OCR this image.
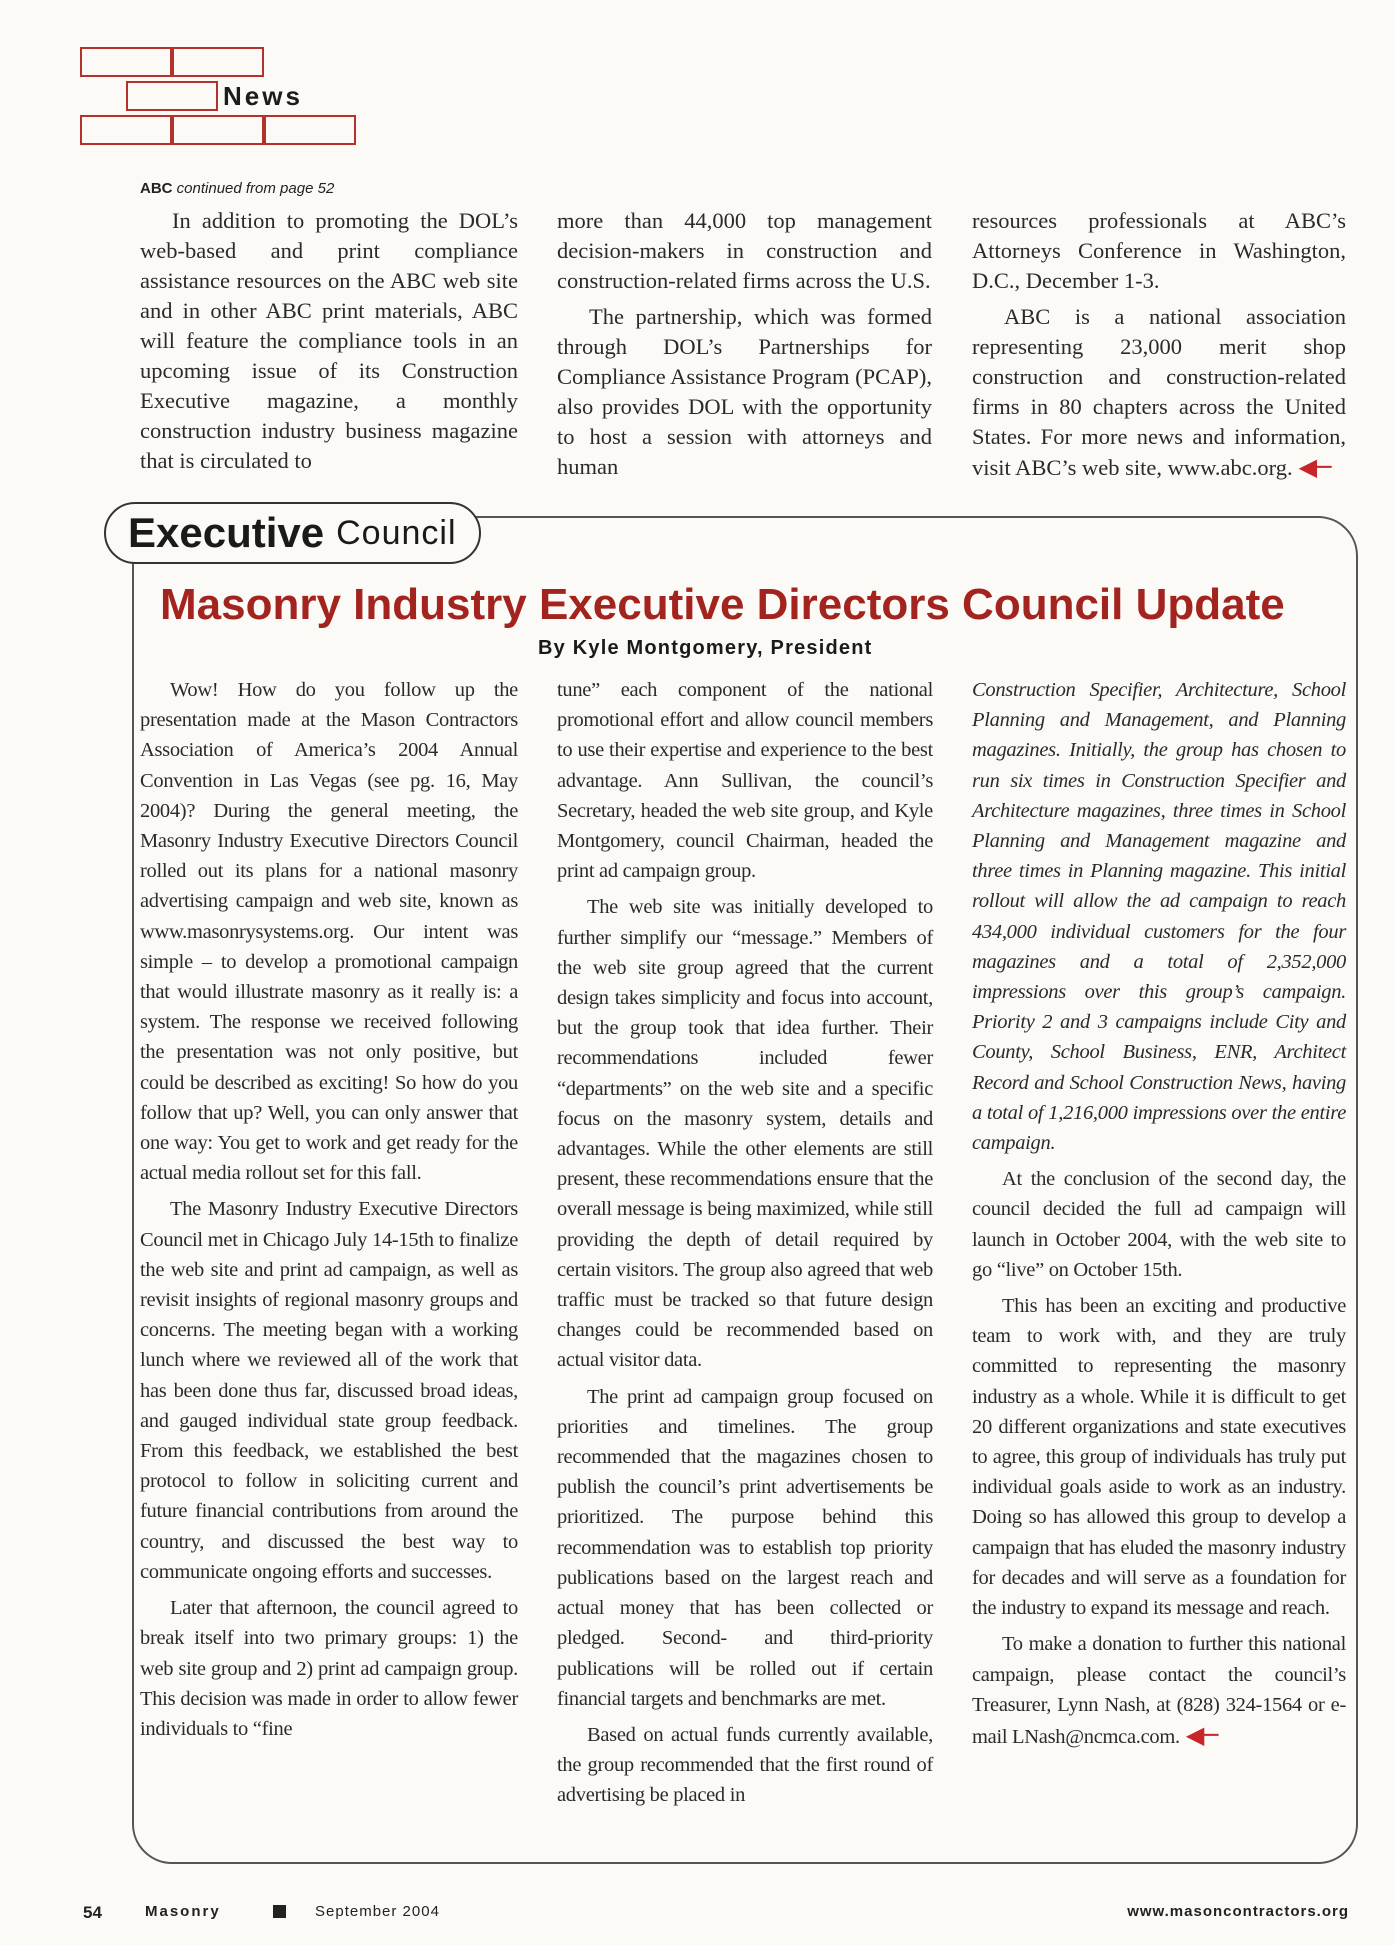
News
ABC continued from page 52

In addition to promoting the DOL’s web-based and print compliance assistance resources on the ABC web site and in other ABC print materials, ABC will feature the compliance tools in an upcoming issue of its Construction Executive magazine, a monthly construction industry business magazine that is circulated to

more than 44,000 top management decision-makers in construction and construction-related firms across the U.S.

The partnership, which was formed through DOL’s Partnerships for Compliance Assistance Program (PCAP), also provides DOL with the opportunity to host a session with attorneys and human

resources professionals at ABC’s Attorneys Conference in Washington, D.C., December 1-3.

ABC is a national association representing 23,000 merit shop construction and construction-related firms in 80 chapters across the United States. For more news and information, visit ABC’s web site, www.abc.org. ◀─

Executive Council
Masonry Industry Executive Directors Council Update
By Kyle Montgomery, President

Wow! How do you follow up the presentation made at the Mason Contractors Association of America’s 2004 Annual Convention in Las Vegas (see pg. 16, May 2004)? During the general meeting, the Masonry Industry Executive Directors Council rolled out its plans for a national masonry advertising campaign and web site, known as www.masonrysystems.org. Our intent was simple – to develop a promotional campaign that would illustrate masonry as it really is: a system. The response we received following the presentation was not only positive, but could be described as exciting! So how do you follow that up? Well, you can only answer that one way: You get to work and get ready for the actual media rollout set for this fall.

The Masonry Industry Executive Directors Council met in Chicago July 14-15th to finalize the web site and print ad campaign, as well as revisit insights of regional masonry groups and concerns. The meeting began with a working lunch where we reviewed all of the work that has been done thus far, discussed broad ideas, and gauged individual state group feedback. From this feedback, we established the best protocol to follow in soliciting current and future financial contributions from around the country, and discussed the best way to communicate ongoing efforts and successes.

Later that afternoon, the council agreed to break itself into two primary groups: 1) the web site group and 2) print ad campaign group. This decision was made in order to allow fewer individuals to “fine

tune” each component of the national promotional effort and allow council members to use their expertise and experience to the best advantage. Ann Sullivan, the council’s Secretary, headed the web site group, and Kyle Montgomery, council Chairman, headed the print ad campaign group.

The web site was initially developed to further simplify our “message.” Members of the web site group agreed that the current design takes simplicity and focus into account, but the group took that idea further. Their recommendations included fewer “departments” on the web site and a specific focus on the masonry system, details and advantages. While the other elements are still present, these recommendations ensure that the overall message is being maximized, while still providing the depth of detail required by certain visitors. The group also agreed that web traffic must be tracked so that future design changes could be recommended based on actual visitor data.

The print ad campaign group focused on priorities and timelines. The group recommended that the magazines chosen to publish the council’s print advertisements be prioritized. The purpose behind this recommendation was to establish top priority publications based on the largest reach and actual money that has been collected or pledged. Second- and third-priority publications will be rolled out if certain financial targets and benchmarks are met.

Based on actual funds currently available, the group recommended that the first round of advertising be placed in

Construction Specifier, Architecture, School Planning and Management, and Planning magazines. Initially, the group has chosen to run six times in Construction Specifier and Architecture magazines, three times in School Planning and Management magazine and three times in Planning magazine. This initial rollout will allow the ad campaign to reach 434,000 individual customers for the four magazines and a total of 2,352,000 impressions over this group’s campaign. Priority 2 and 3 campaigns include City and County, School Business, ENR, Architect Record and School Construction News, having a total of 1,216,000 impressions over the entire campaign.

At the conclusion of the second day, the council decided the full ad campaign will launch in October 2004, with the web site to go “live” on October 15th.

This has been an exciting and productive team to work with, and they are truly committed to representing the masonry industry as a whole. While it is difficult to get 20 different organizations and state executives to agree, this group of individuals has truly put individual goals aside to work as an industry. Doing so has allowed this group to develop a campaign that has eluded the masonry industry for decades and will serve as a foundation for the industry to expand its message and reach.

To make a donation to further this national campaign, please contact the council’s Treasurer, Lynn Nash, at (828) 324-1564 or e-mail LNash@ncmca.com. ◀─

54	Masonry	September 2004	www.masoncontractors.org
